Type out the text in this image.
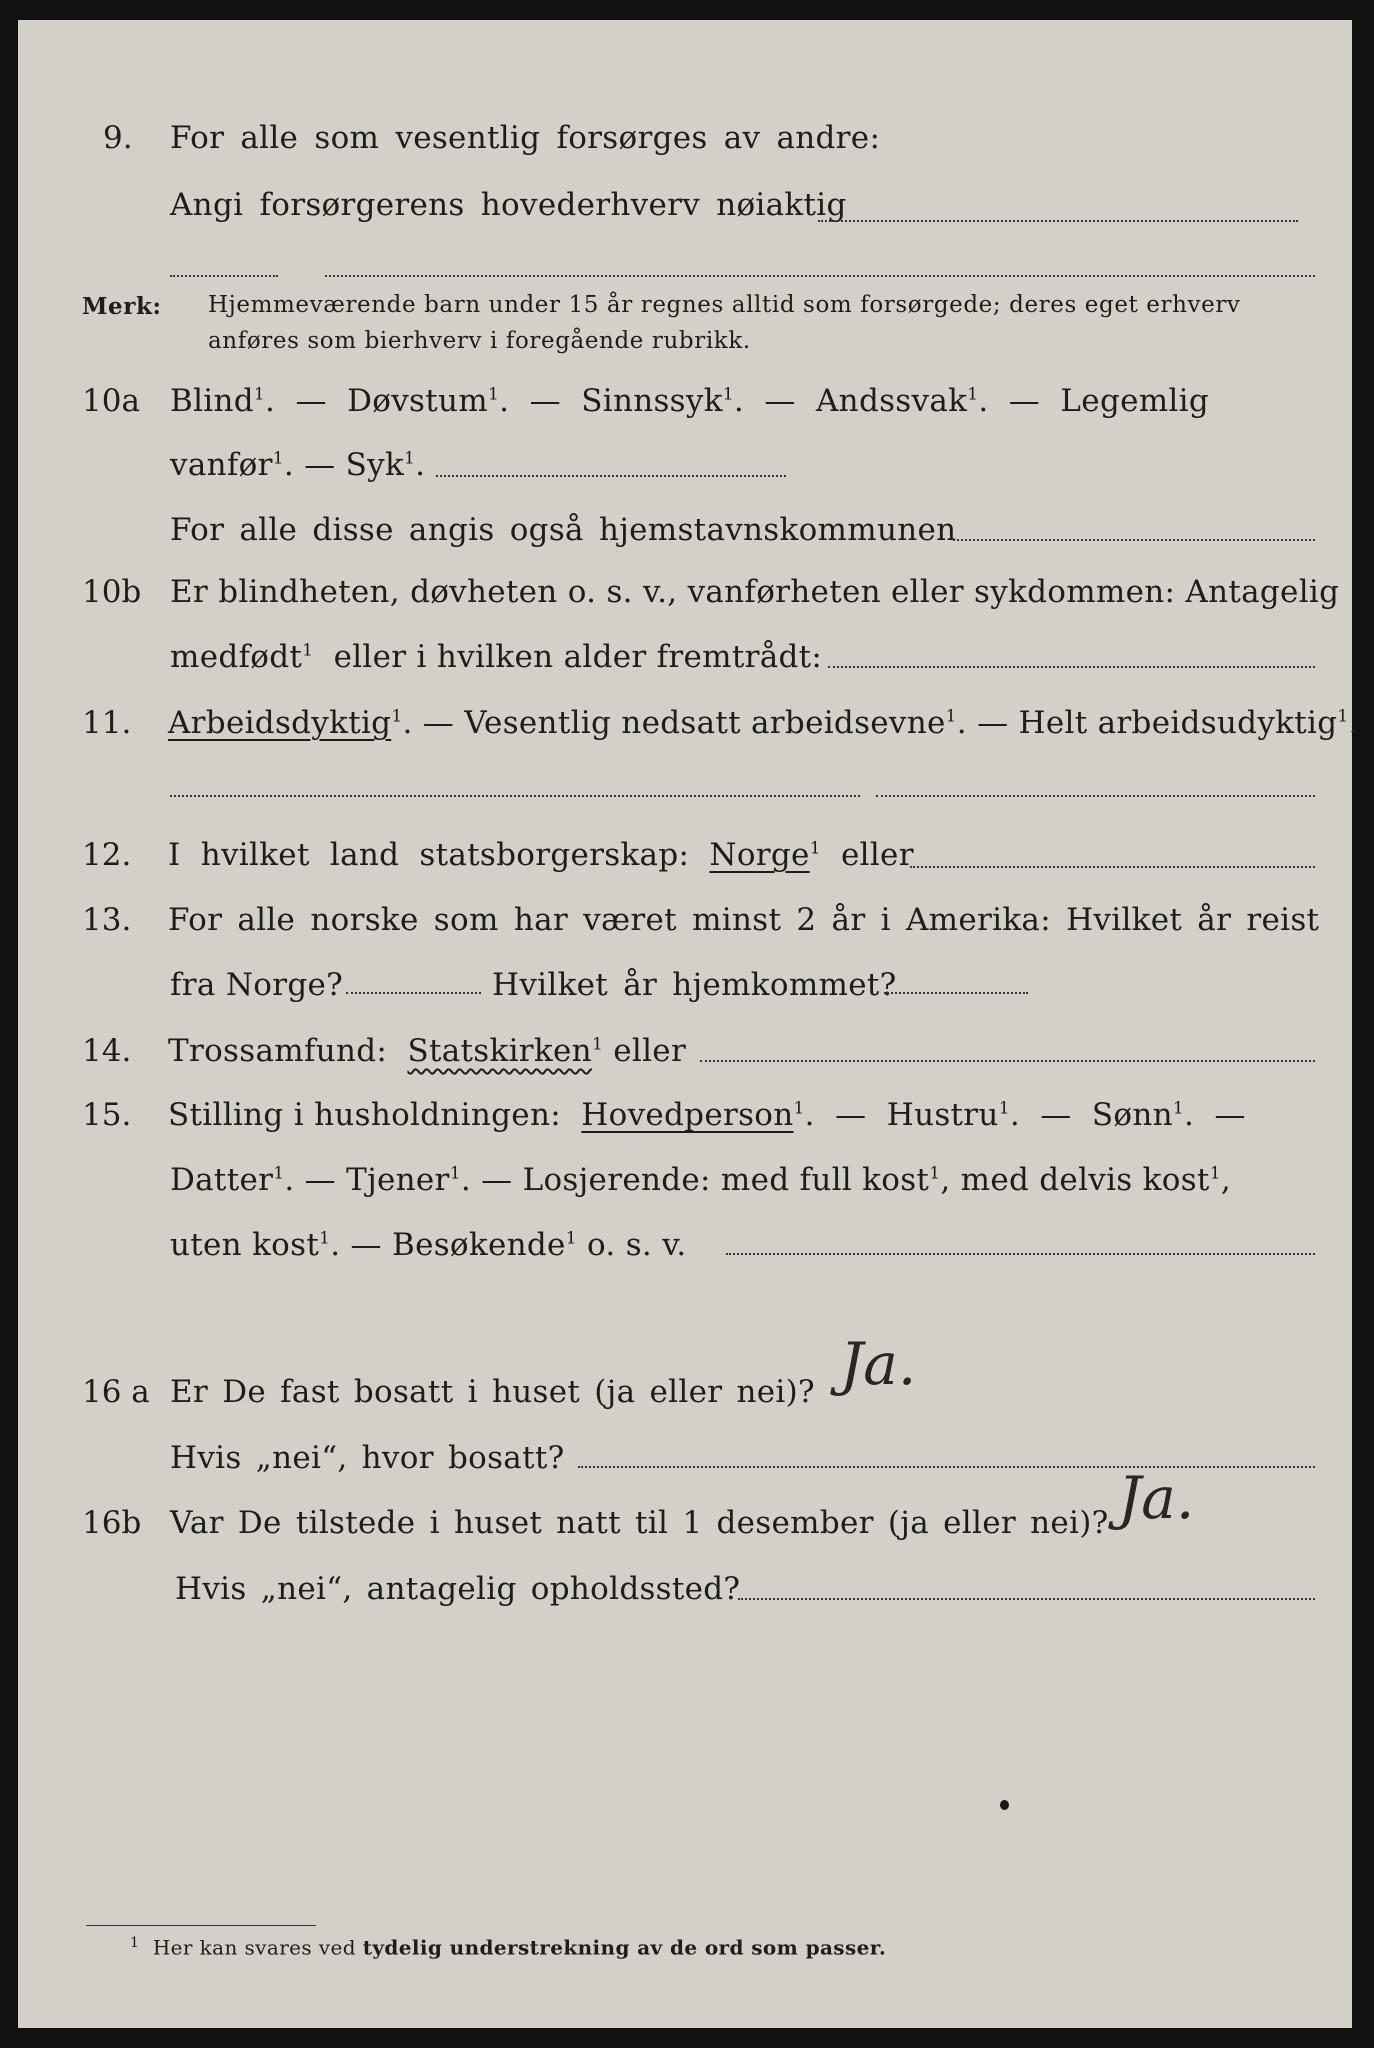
9. For alle som vesentlig forsørges av andre:
Angi forsørgerens hovederhverv nøiaktig
Merk: Hjemmeværende barn under 15 år regnes alltid som forsørgede; deres eget erhverv
anføres som bierhverv i foregående rubrikk.
10a Blind$^1$.  —  Døvstum$^1$.  —  Sinnssyk$^1$.  —  Andssvak$^1$.  —  Legemlig
vanfør$^1$. — Syk$^1$.
For alle disse angis også hjemstavnskommunen
10b Er blindheten, døvheten o. s. v., vanførheten eller sykdommen: Antagelig
medfødt$^1$ eller i hvilken alder fremtrådt:
11. Arbeidsdyktig$^1$. — Vesentlig nedsatt arbeidsevne$^1$. — Helt arbeidsudyktig$^1$.
12. I hvilket land statsborgerskap: Norge$^1$ eller
13. For alle norske som har været minst 2 år i Amerika: Hvilket år reist
fra Norge?	Hvilket år hjemkommet?
14. Trossamfund: Statskirken$^1$ eller
15. Stilling i husholdningen: Hovedperson$^1$.  —  Hustru$^1$.  —  Sønn$^1$.  —
Datter$^1$. — Tjener$^1$. — Losjerende: med full kost$^1$, med delvis kost$^1$,
uten kost$^1$. — Besøkende$^1$ o. s. v.
16 a Er De fast bosatt i huset (ja eller nei)? Ja.
Hvis „nei“, hvor bosatt?
16b Var De tilstede i huset natt til 1 desember (ja eller nei)? Ja.
Hvis „nei“, antagelig opholdssted?
$^1$ Her kan svares ved tydelig understrekning av de ord som passer.
